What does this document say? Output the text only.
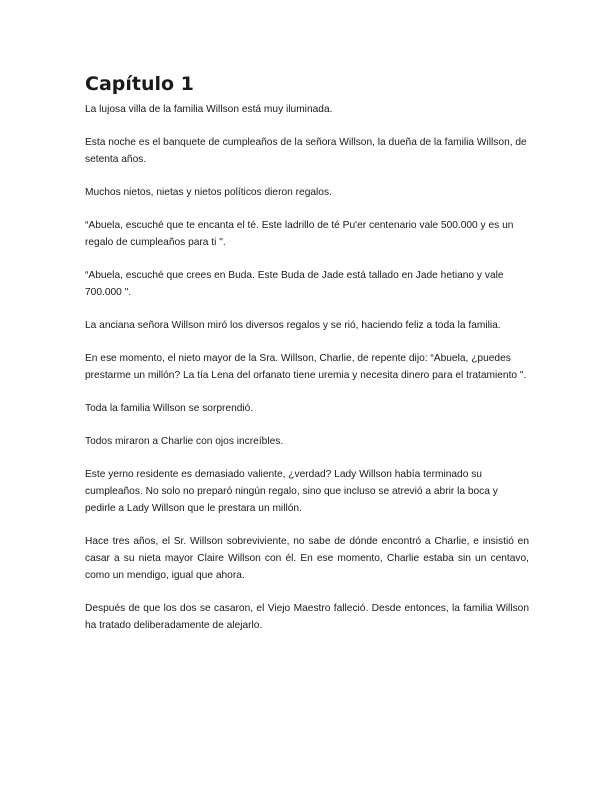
Capítulo 1

La lujosa villa de la familia Willson está muy iluminada.

Esta noche es el banquete de cumpleaños de la señora Willson, la dueña de la familia Willson, de setenta años.

Muchos nietos, nietas y nietos políticos dieron regalos.

“Abuela, escuché que te encanta el té. Este ladrillo de té Pu'er centenario vale 500.000 y es un regalo de cumpleaños para ti ".

“Abuela, escuché que crees en Buda. Este Buda de Jade está tallado en Jade hetiano y vale 700.000 ".

La anciana señora Willson miró los diversos regalos y se rió, haciendo feliz a toda la familia.

En ese momento, el nieto mayor de la Sra. Willson, Charlie, de repente dijo: “Abuela, ¿puedes prestarme un millón? La tía Lena del orfanato tiene uremia y necesita dinero para el tratamiento ".

Toda la familia Willson se sorprendió.

Todos miraron a Charlie con ojos increíbles.

Este yerno residente es demasiado valiente, ¿verdad? Lady Willson había terminado su cumpleaños. No solo no preparó ningún regalo, sino que incluso se atrevió a abrir la boca y pedirle a Lady Willson que le prestara un millón.

Hace tres años, el Sr. Willson sobreviviente, no sabe de dónde encontró a Charlie, e insistió en casar a su nieta mayor Claire Willson con él. En ese momento, Charlie estaba sin un centavo, como un mendigo, igual que ahora.

Después de que los dos se casaron, el Viejo Maestro falleció. Desde entonces, la familia Willson ha tratado deliberadamente de alejarlo.
